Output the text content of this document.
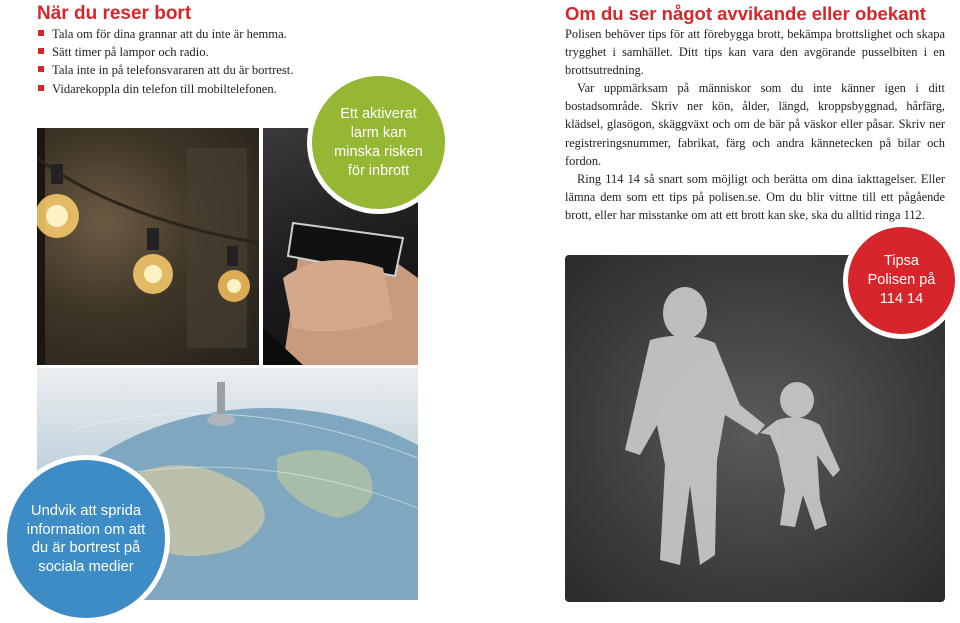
När du reser bort
Tala om för dina grannar att du inte är hemma.
Sätt timer på lampor och radio.
Tala inte in på telefonsvararen att du är bortrest.
Vidarekoppla din telefon till mobiltelefonen.
Om du ser något avvikande eller obekant

Polisen behöver tips för att förebygga brott, bekämpa brottslighet och skapa trygghet i samhället. Ditt tips kan vara den avgörande pusselbiten i en brottsutredning.

Var uppmärksam på människor som du inte känner igen i ditt bostadsområde. Skriv ner kön, ålder, längd, kroppsbyggnad, hårfärg, klädsel, glasögon, skäggväxt och om de bär på väskor eller påsar. Skriv ner registreringsnummer, fabrikat, färg och andra kännetecken på bilar och fordon.

Ring 114 14 så snart som möjligt och berätta om dina iakttagelser. Eller lämna dem som ett tips på polisen.se. Om du blir vittne till ett pågående brott, eller har misstanke om att ett brott kan ske, ska du alltid ringa 112.

Ett aktiverat
larm kan
minska risken
för inbrott
Tipsa
Polisen på
114 14
Undvik att sprida
information om att
du är bortrest på
sociala medier
